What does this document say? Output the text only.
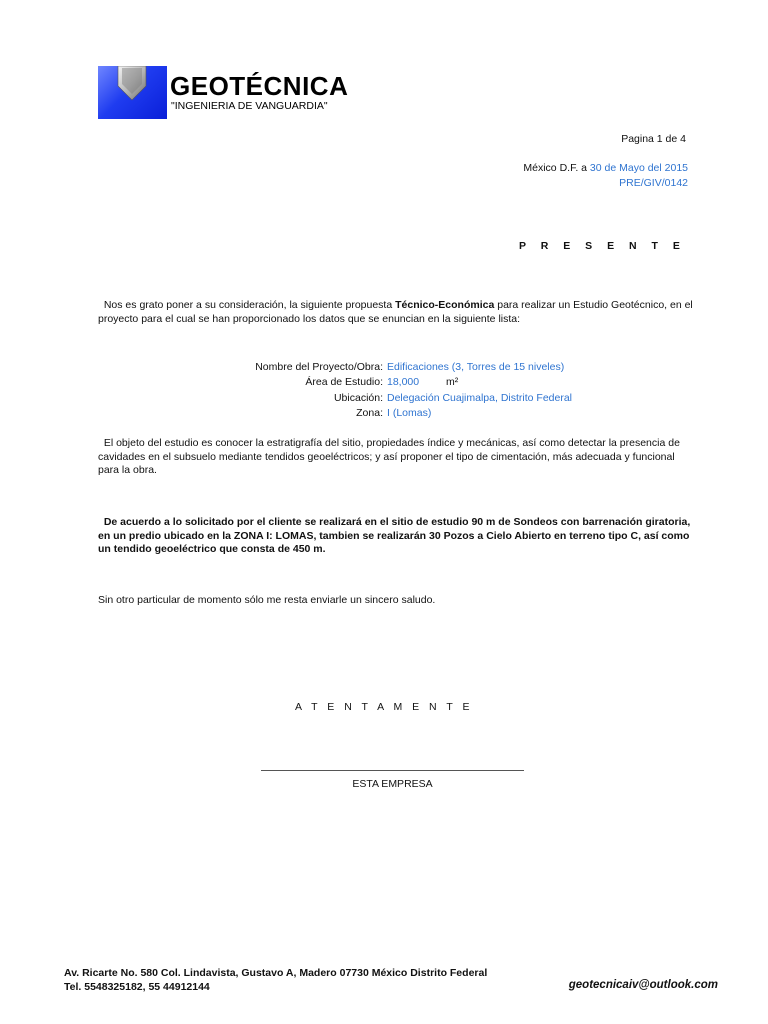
GEOTÉCNICA
"INGENIERIA DE VANGUARDIA"
Pagina 1 de 4
México D.F. a 30 de Mayo del 2015
PRE/GIV/0142
P R E S E N T E
Nos es grato poner a su consideración, la siguiente propuesta Técnico-Económica para realizar un Estudio Geotécnico, en el proyecto para el cual se han proporcionado los datos que se enuncian en la siguiente lista:
Nombre del Proyecto/Obra: Edificaciones (3, Torres de 15 niveles)
Área de Estudio: 18,000	m²
Ubicación: Delegación Cuajimalpa, Distrito Federal
Zona: I (Lomas)
El objeto del estudio es conocer la estratigrafía del sitio, propiedades índice y mecánicas, así como detectar la presencia de cavidades en el subsuelo mediante tendidos geoeléctricos; y así proponer el tipo de cimentación, más adecuada y funcional para la obra.
De acuerdo a lo solicitado por el cliente se realizará en el sitio de estudio 90 m de Sondeos con barrenación giratoria, en un predio ubicado en la ZONA I: LOMAS, tambien se realizarán 30 Pozos a Cielo Abierto en terreno tipo C, así como un tendido geoeléctrico que consta de 450 m.
Sin otro particular de momento sólo me resta enviarle un sincero saludo.
A T E N T A M E N T E
ESTA EMPRESA
Av. Ricarte No. 580 Col. Lindavista, Gustavo A, Madero 07730 México Distrito Federal
Tel. 5548325182, 55 44912144	geotecnicaiv@outlook.com
